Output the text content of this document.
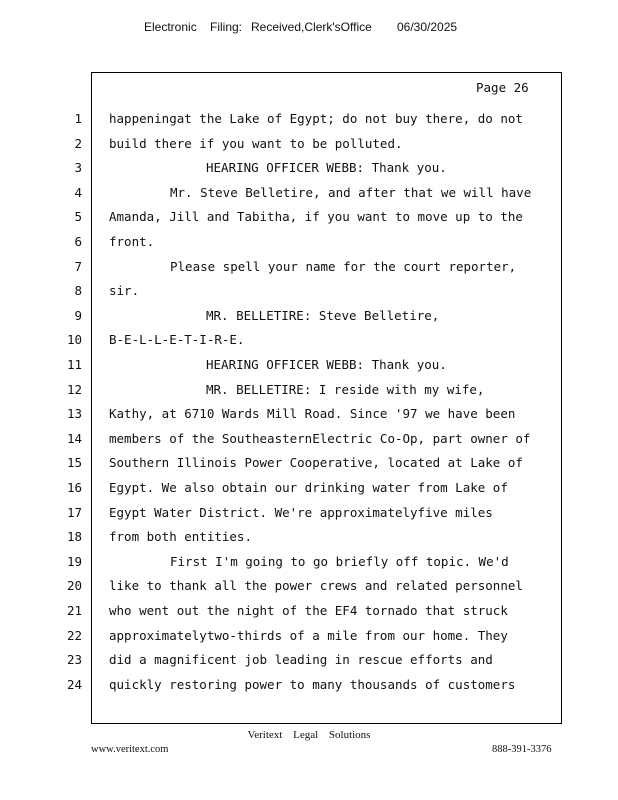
Electronic Filing: Received,Clerk'sOffice 06/30/2025
Page 26
1 happeningat the Lake of Egypt; do not buy there, do not
2 build there if you want to be polluted.
3	HEARING OFFICER WEBB: Thank you.
4	Mr. Steve Belletire, and after that we will have
5 Amanda, Jill and Tabitha, if you want to move up to the
6 front.
7	Please spell your name for the court reporter,
8 sir.
9	MR. BELLETIRE: Steve Belletire,
10 B-E-L-L-E-T-I-R-E.
11	HEARING OFFICER WEBB: Thank you.
12	MR. BELLETIRE: I reside with my wife,
13 Kathy, at 6710 Wards Mill Road. Since '97 we have been
14 members of the SoutheasternElectric Co-Op, part owner of
15 Southern Illinois Power Cooperative, located at Lake of
16 Egypt. We also obtain our drinking water from Lake of
17 Egypt Water District. We're approximatelyfive miles
18 from both entities.
19	First I'm going to go briefly off topic. We'd
20 like to thank all the power crews and related personnel
21 who went out the night of the EF4 tornado that struck
22 approximatelytwo-thirds of a mile from our home. They
23 did a magnificent job leading in rescue efforts and
24 quickly restoring power to many thousands of customers
Veritext Legal Solutions
www.veritext.com	888-391-3376
